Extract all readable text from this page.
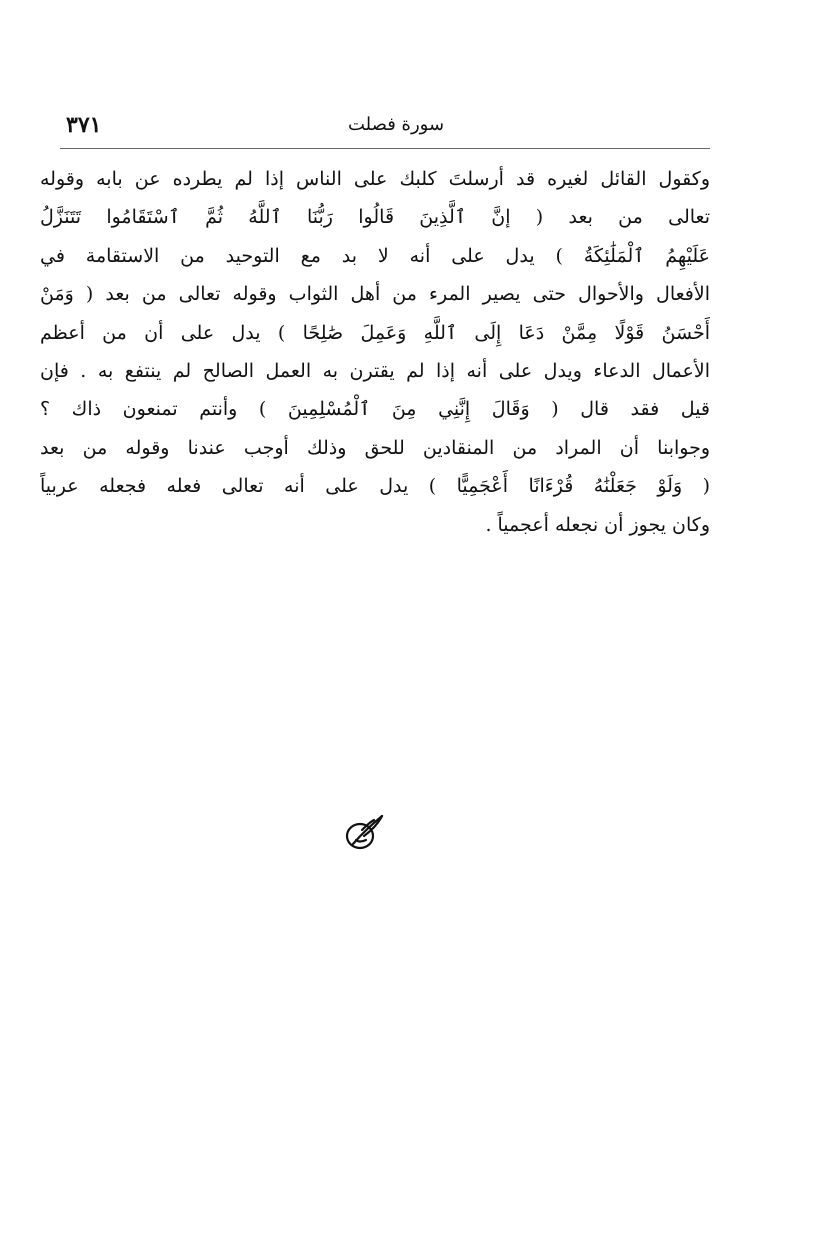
٣٧١	سورة فصلت
وكقول القائل لغيره قد أرسلتَ كلبك على الناس إذا لم يطرده عن بابه وقوله
تعالى من بعد ( إنَّ ٱلَّذِينَ قَالُوا رَبُّنَا ٱللَّهُ ثُمَّ ٱسْتَقَامُوا تَتَنَزَّلُ
عَلَيْهِمُ ٱلْمَلَٰئِكَةُ ) يدل على أنه لا بد مع التوحيد من الاستقامة في
الأفعال والأحوال حتى يصير المرء من أهل الثواب وقوله تعالى من بعد ( وَمَنْ
أَحْسَنُ قَوْلًا مِمَّنْ دَعَا إِلَى ٱللَّهِ وَعَمِلَ صَٰلِحًا ) يدل على أن من أعظم
الأعمال الدعاء ويدل على أنه إذا لم يقترن به العمل الصالح لم ينتفع به . فإن
قيل فقد قال ( وَقَالَ إِنَّنِي مِنَ ٱلْمُسْلِمِينَ ) وأنتم تمنعون ذاك ؟
وجوابنا أن المراد من المنقادين للحق وذلك أوجب عندنا وقوله من بعد
( وَلَوْ جَعَلْنَٰهُ قُرْءَانًا أَعْجَمِيًّا ) يدل على أنه تعالى فعله فجعله عربياً
وكان يجوز أن نجعله أعجمياً .
